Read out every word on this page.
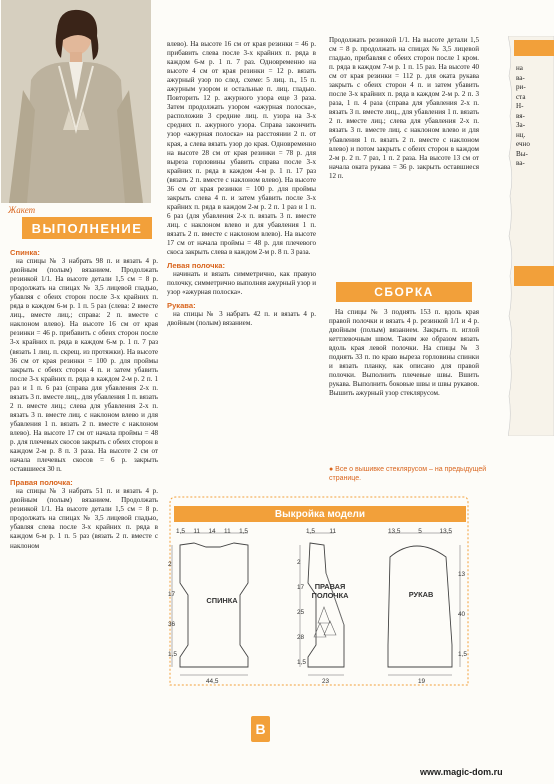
Жакет
ВЫПОЛНЕНИЕ
Спинка:

на спицы № 3 набрать 98 п. и вязать 4 р. двойным (полым) вязанием. Продолжать резинкой 1/1. На высоте детали 1,5 см = 8 р. продолжать на спицах № 3,5 лицевой гладью, убавляя с обеих сторон после 3-х крайних п. ряда в каждом 6-м р. 1 п. 5 раз (слева: 2 вместе лиц., вместе лиц.; справа: 2 п. вместе с наклоном влево). На высоте 16 см от края резинки = 46 р. прибавить с обеих сторон после 3-х крайних п. ряда в каждом 6-м р. 1 п. 7 раз (вязать 1 лиц. п. скрещ. из протяжки). На высоте 36 см от края резинки = 100 р. для проймы закрыть с обеих сторон 4 п. и затем убавить после 3-х крайних п. ряда в каждом 2-м р. 2 п. 1 раз и 1 п. 6 раз (справа для убавления 2-х п. вязать 3 п. вместе лиц., для убавления 1 п. вязать 2 п. вместе лиц.; слева для убавления 2-х п. вязать 3 п. вместе лиц. с наклоном влево и для убавления 1 п. вязать 2 п. вместе с наклоном влево). На высоте 17 см от начала проймы = 48 р. для плечевых скосов закрыть с обеих сторон в каждом 2-м р. 8 п. 3 раза. На высоте 2 см от начала плечевых скосов = 6 р. закрыть оставшиеся 30 п.

Правая полочка:

на спицы № 3 набрать 51 п. и вязать 4 р. двойным (полым) вязанием. Продолжать резинкой 1/1. На высоте детали 1,5 см = 8 р. продолжать на спицах № 3,5 лицевой гладью, убавляя слева после 3-х крайних п. ряда в каждом 6-м р. 1 п. 5 раз (вязать 2 п. вместе с наклоном

влево). На высоте 16 см от края резинки = 46 р. прибавить слева после 3-х крайних п. ряда в каждом 6-м р. 1 п. 7 раз. Одновременно на высоте 4 см от края резинки = 12 р. вязать ажурный узор по след. схеме: 5 лиц. п., 15 п. ажурным узором и остальные п. лиц. гладью. Повторить 12 р. ажурного узора еще 3 раза. Затем продолжать узором «ажурная полоска», расположив 3 средние лиц. п. узора на 3-х средних п. ажурного узора. Справа закончить узор «ажурная полоска» на расстоянии 2 п. от края, а слева вязать узор до края. Одновременно на высоте 28 см от края резинки = 78 р. для выреза горловины убавить справа после 3-х крайних п. ряда в каждом 4-м р. 1 п. 17 раз (вязать 2 п. вместе с наклоном влево). На высоте 36 см от края резинки = 100 р. для проймы закрыть слева 4 п. и затем убавить после 3-х крайних п. ряда в каждом 2-м р. 2 п. 1 раз и 1 п. 6 раз (для убавления 2-х п. вязать 3 п. вместе лиц. с наклоном влево и для убавления 1 п. вязать 2 п. вместе с наклоном влево). На высоте 17 см от начала проймы = 48 р. для плечевого скоса закрыть слева в каждом 2-м р. 8 п. 3 раза.

Левая полочка:

начинать и вязать симметрично, как правую полочку, симметрично выполняя ажурный узор и узор «ажурная полоска».

Рукава:

на спицы № 3 набрать 42 п. и вязать 4 р. двойным (полым) вязанием.

Продолжать резинкой 1/1. На высоте детали 1,5 см = 8 р. продолжать на спицах № 3,5 лицевой гладью, прибавляя с обеих сторон после 1 кром. п. ряда в каждом 7-м р. 1 п. 15 раз. На высоте 40 см от края резинки = 112 р. для оката рукава закрыть с обеих сторон 4 п. и затем убавить после 3-х крайних п. ряда в каждом 2-м р. 2 п. 3 раза, 1 п. 4 раза (справа для убавления 2-х п. вязать 3 п. вместе лиц., для убавления 1 п. вязать 2 п. вместе лиц.; слева для убавления 2-х п. вязать 3 п. вместе лиц. с наклоном влево и для убавления 1 п. вязать 2 п. вместе с наклоном влево) и потом закрыть с обеих сторон в каждом 2-м р. 2 п. 7 раз, 1 п. 2 раза. На высоте 13 см от начала оката рукава = 36 р. закрыть оставшиеся 12 п.

СБОРКА

На спицы № 3 поднять 153 п. вдоль края правой полочки и вязать 4 р. резинкой 1/1 и 4 р. двойным (полым) вязанием. Закрыть п. иглой кеттлевочным швом. Таким же образом вязать вдоль края левой полочки. На спицы № 3 поднять 33 п. по краю выреза горловины спинки и вязать планку, как описано для правой полочки. Выполнить плечевые швы. Вшить рукава. Выполнить боковые швы и швы рукавов. Вышить ажурный узор стеклярусом.

● Все о вышивке стеклярусом – на предыдущей странице.
на
ва-
ри-
ста
Н-
вя-
За-
нц.
ечно
Вы-
ва-
Выкройка модели
1,5 11 14 11 1,5
2
17
36
1,5
44,5
СПИНКА
1,5 11
2
17
25
28
1,5
23
ПРАВАЯ ПОЛОЧКА
13,5	5	13,5
13
40
1,5
19
РУКАВ
В
www.magic-dom.ru
